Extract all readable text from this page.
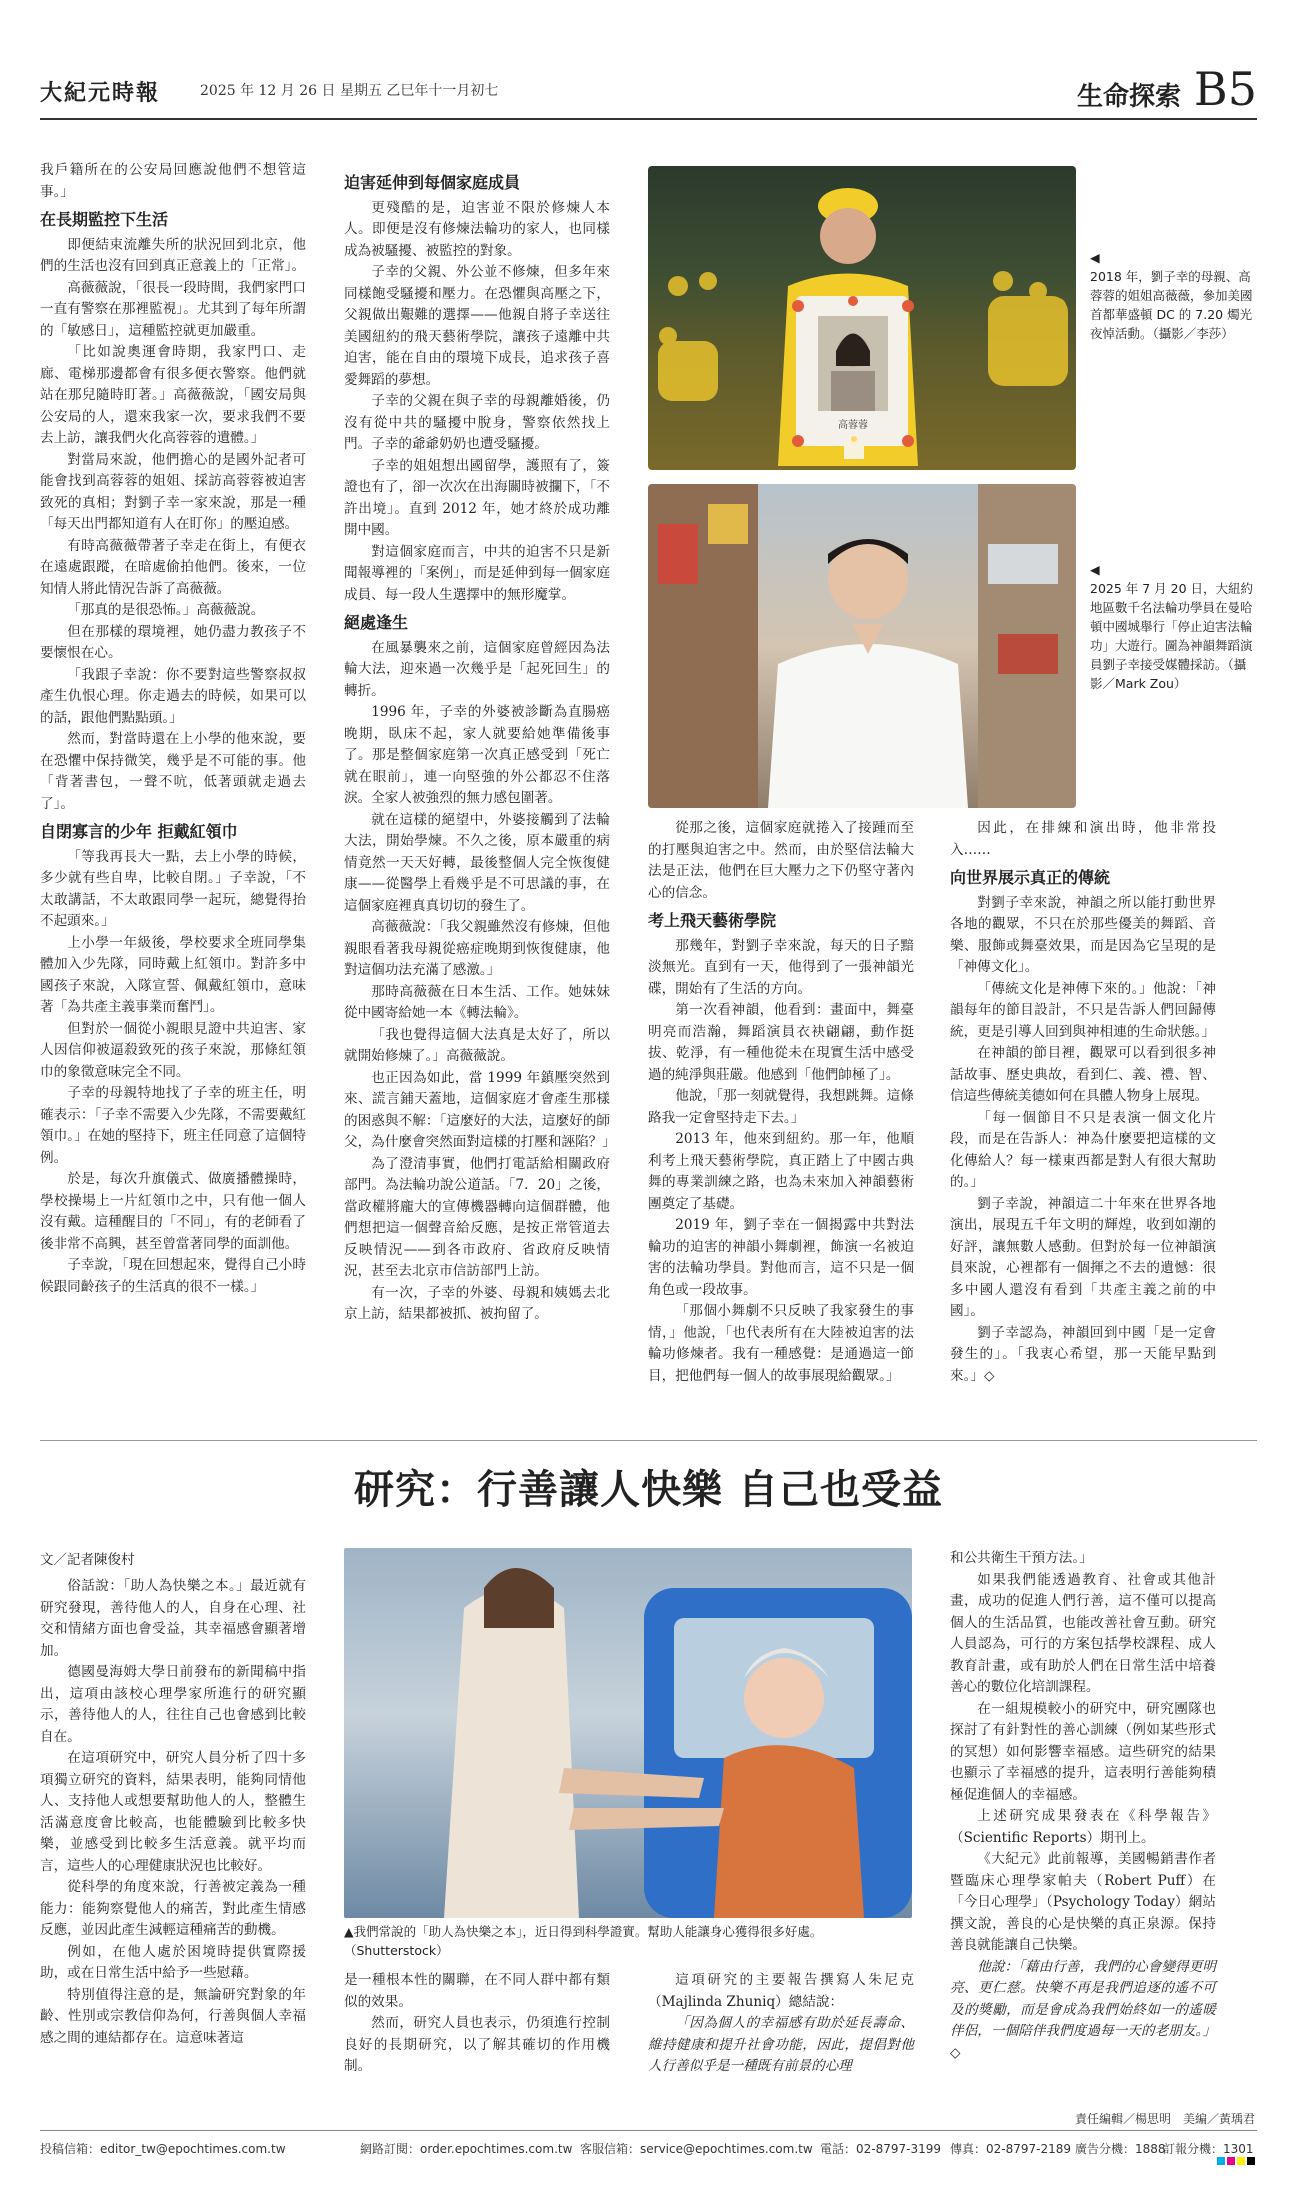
大紀元時報	2025 年 12 月 26 日 星期五 乙巳年十一月初七	生命探索 B5

我戶籍所在的公安局回應說他們不想管這事。」

在長期監控下生活

即便結束流離失所的狀況回到北京，他們的生活也沒有回到真正意義上的「正常」。

高薇薇說，「很長一段時間，我們家門口一直有警察在那裡監視」。尤其到了每年所謂的「敏感日」，這種監控就更加嚴重。

「比如說奧運會時期，我家門口、走廊、電梯那邊都會有很多便衣警察。他們就站在那兒隨時盯著。」高薇薇說，「國安局與公安局的人，還來我家一次，要求我們不要去上訪，讓我們火化高蓉蓉的遺體。」

對當局來說，他們擔心的是國外記者可能會找到高蓉蓉的姐姐、採訪高蓉蓉被迫害致死的真相；對劉子幸一家來說，那是一種「每天出門都知道有人在盯你」的壓迫感。

有時高薇薇帶著子幸走在街上，有便衣在遠處跟蹤，在暗處偷拍他們。後來，一位知情人將此情況告訴了高薇薇。

「那真的是很恐怖。」高薇薇說。

但在那樣的環境裡，她仍盡力教孩子不要懷恨在心。

「我跟子幸說：你不要對這些警察叔叔產生仇恨心理。你走過去的時候，如果可以的話，跟他們點點頭。」

然而，對當時還在上小學的他來說，要在恐懼中保持微笑，幾乎是不可能的事。他「背著書包，一聲不吭，低著頭就走過去了」。

自閉寡言的少年 拒戴紅領巾

「等我再長大一點，去上小學的時候，多少就有些自卑，比較自閉。」子幸說，「不太敢講話，不太敢跟同學一起玩，總覺得抬不起頭來。」

上小學一年級後，學校要求全班同學集體加入少先隊，同時戴上紅領巾。對許多中國孩子來說，入隊宣誓、佩戴紅領巾，意味著「為共產主義事業而奮鬥」。

但對於一個從小親眼見證中共迫害、家人因信仰被逼殺致死的孩子來說，那條紅領巾的象徵意味完全不同。

子幸的母親特地找了子幸的班主任，明確表示：「子幸不需要入少先隊，不需要戴紅領巾。」在她的堅持下，班主任同意了這個特例。

於是，每次升旗儀式、做廣播體操時，學校操場上一片紅領巾之中，只有他一個人沒有戴。這種醒目的「不同」，有的老師看了後非常不高興，甚至曾當著同學的面訓他。

子幸說，「現在回想起來，覺得自己小時候跟同齡孩子的生活真的很不一樣。」

迫害延伸到每個家庭成員

更殘酷的是，迫害並不限於修煉人本人。即便是沒有修煉法輪功的家人，也同樣成為被騷擾、被監控的對象。

子幸的父親、外公並不修煉，但多年來同樣飽受騷擾和壓力。在恐懼與高壓之下，父親做出艱難的選擇——他親自將子幸送往美國紐約的飛天藝術學院，讓孩子遠離中共迫害，能在自由的環境下成長，追求孩子喜愛舞蹈的夢想。

子幸的父親在與子幸的母親離婚後，仍沒有從中共的騷擾中脫身，警察依然找上門。子幸的爺爺奶奶也遭受騷擾。

子幸的姐姐想出國留學，護照有了，簽證也有了，卻一次次在出海關時被攔下，「不許出境」。直到 2012 年，她才終於成功離開中國。

對這個家庭而言，中共的迫害不只是新聞報導裡的「案例」，而是延伸到每一個家庭成員、每一段人生選擇中的無形魔掌。

絕處逢生

在風暴襲來之前，這個家庭曾經因為法輪大法，迎來過一次幾乎是「起死回生」的轉折。

1996 年，子幸的外婆被診斷為直腸癌晚期，臥床不起，家人就要給她準備後事了。那是整個家庭第一次真正感受到「死亡就在眼前」，連一向堅強的外公都忍不住落淚。全家人被強烈的無力感包圍著。

就在這樣的絕望中，外婆接觸到了法輪大法，開始學煉。不久之後，原本嚴重的病情竟然一天天好轉，最後整個人完全恢復健康——從醫學上看幾乎是不可思議的事，在這個家庭裡真真切切的發生了。

高薇薇說：「我父親雖然沒有修煉，但他親眼看著我母親從癌症晚期到恢復健康，他對這個功法充滿了感激。」

那時高薇薇在日本生活、工作。她妹妹從中國寄給她一本《轉法輪》。

「我也覺得這個大法真是太好了，所以就開始修煉了。」高薇薇說。

也正因為如此，當 1999 年鎮壓突然到來、謊言鋪天蓋地，這個家庭才會產生那樣的困惑與不解：「這麼好的大法，這麼好的師父，為什麼會突然面對這樣的打壓和誣陷？」

為了澄清事實，他們打電話給相關政府部門。為法輪功說公道話。「7．20」之後，當政權將龐大的宣傳機器轉向這個群體，他們想把這一個聲音給反應，是按正常管道去反映情況——到各市政府、省政府反映情況，甚至去北京市信訪部門上訪。

有一次，子幸的外婆、母親和姨媽去北京上訪，結果都被抓、被拘留了。

高蓉蓉
◀
2018 年，劉子幸的母親、高蓉蓉的姐姐高薇薇，參加美國首都華盛頓 DC 的 7.20 燭光夜悼活動。（攝影／李莎）
◀
2025 年 7 月 20 日，大紐約地區數千名法輪功學員在曼哈頓中國城舉行「停止迫害法輪功」大遊行。圖為神韻舞蹈演員劉子幸接受媒體採訪。（攝影／Mark Zou）

從那之後，這個家庭就捲入了接踵而至的打壓與迫害之中。然而，由於堅信法輪大法是正法，他們在巨大壓力之下仍堅守著內心的信念。

考上飛天藝術學院

那幾年，對劉子幸來說，每天的日子黯淡無光。直到有一天，他得到了一張神韻光碟，開始有了生活的方向。

第一次看神韻，他看到：畫面中，舞臺明亮而浩瀚，舞蹈演員衣袂翩翩，動作挺拔、乾淨，有一種他從未在現實生活中感受過的純淨與莊嚴。他感到「他們帥極了」。

他說，「那一刻就覺得，我想跳舞。這條路我一定會堅持走下去。」

2013 年，他來到紐約。那一年，他順利考上飛天藝術學院，真正踏上了中國古典舞的專業訓練之路，也為未來加入神韻藝術團奠定了基礎。

2019 年，劉子幸在一個揭露中共對法輪功的迫害的神韻小舞劇裡，飾演一名被迫害的法輪功學員。對他而言，這不只是一個角色或一段故事。

「那個小舞劇不只反映了我家發生的事情，」他說，「也代表所有在大陸被迫害的法輪功修煉者。我有一種感覺：是通過這一節目，把他們每一個人的故事展現給觀眾。」

因此，在排練和演出時，他非常投入……

向世界展示真正的傳統

對劉子幸來說，神韻之所以能打動世界各地的觀眾，不只在於那些優美的舞蹈、音樂、服飾或舞臺效果，而是因為它呈現的是「神傳文化」。

「傳統文化是神傳下來的。」他說：「神韻每年的節目設計，不只是告訴人們回歸傳統，更是引導人回到與神相連的生命狀態。」

在神韻的節目裡，觀眾可以看到很多神話故事、歷史典故，看到仁、義、禮、智、信這些傳統美德如何在具體人物身上展現。

「每一個節目不只是表演一個文化片段，而是在告訴人：神為什麼要把這樣的文化傳給人？每一樣東西都是對人有很大幫助的。」

劉子幸說，神韻這二十年來在世界各地演出，展現五千年文明的輝煌，收到如潮的好評，讓無數人感動。但對於每一位神韻演員來說，心裡都有一個揮之不去的遺憾：很多中國人還沒有看到「共產主義之前的中國」。

劉子幸認為，神韻回到中國「是一定會發生的」。「我衷心希望，那一天能早點到來。」◇

研究：行善讓人快樂 自己也受益
文／記者陳俊村

俗話說：「助人為快樂之本。」最近就有研究發現，善待他人的人，自身在心理、社交和情緒方面也會受益，其幸福感會顯著增加。

德國曼海姆大學日前發布的新聞稿中指出，這項由該校心理學家所進行的研究顯示，善待他人的人，往往自己也會感到比較自在。

在這項研究中，研究人員分析了四十多項獨立研究的資料，結果表明，能夠同情他人、支持他人或想要幫助他人的人，整體生活滿意度會比較高，也能體驗到比較多快樂，並感受到比較多生活意義。就平均而言，這些人的心理健康狀況也比較好。

從科學的角度來說，行善被定義為一種能力：能夠察覺他人的痛苦，對此產生情感反應，並因此產生減輕這種痛苦的動機。

例如，在他人處於困境時提供實際援助，或在日常生活中給予一些慰藉。

特別值得注意的是，無論研究對象的年齡、性別或宗教信仰為何，行善與個人幸福感之間的連結都存在。這意味著這

▲我們常說的「助人為快樂之本」，近日得到科學證實。幫助人能讓身心獲得很多好處。（Shutterstock）

是一種根本性的關聯，在不同人群中都有類似的效果。

然而，研究人員也表示，仍須進行控制良好的長期研究，以了解其確切的作用機制。

這項研究的主要報告撰寫人朱尼克（Majlinda Zhuniq）總結說：

「因為個人的幸福感有助於延長壽命、維持健康和提升社會功能，因此，提倡對他人行善似乎是一種既有前景的心理

和公共衛生干預方法。」

如果我們能透過教育、社會或其他計畫，成功的促進人們行善，這不僅可以提高個人的生活品質，也能改善社會互動。研究人員認為，可行的方案包括學校課程、成人教育計畫，或有助於人們在日常生活中培養善心的數位化培訓課程。

在一組規模較小的研究中，研究團隊也探討了有針對性的善心訓練（例如某些形式的冥想）如何影響幸福感。這些研究的結果也顯示了幸福感的提升，這表明行善能夠積極促進個人的幸福感。

上述研究成果發表在《科學報告》（Scientific Reports）期刊上。

《大紀元》此前報導，美國暢銷書作者暨臨床心理學家帕夫（Robert Puff）在「今日心理學」（Psychology Today）網站撰文說，善良的心是快樂的真正泉源。保持善良就能讓自己快樂。

他說：「藉由行善，我們的心會變得更明亮、更仁慈。快樂不再是我們追逐的遙不可及的獎勵，而是會成為我們始終如一的遙暖伴侶，一個陪伴我們度過每一天的老朋友。」◇

責任編輯／楊思明　美編／黃瑀君
投稿信箱：editor_tw@epochtimes.com.tw	網路訂閱：order.epochtimes.com.tw 客服信箱：service@epochtimes.com.tw 電話：02-8797-3199 傳真：02-8797-2189 廣告分機：1888
訂報分機：1301
